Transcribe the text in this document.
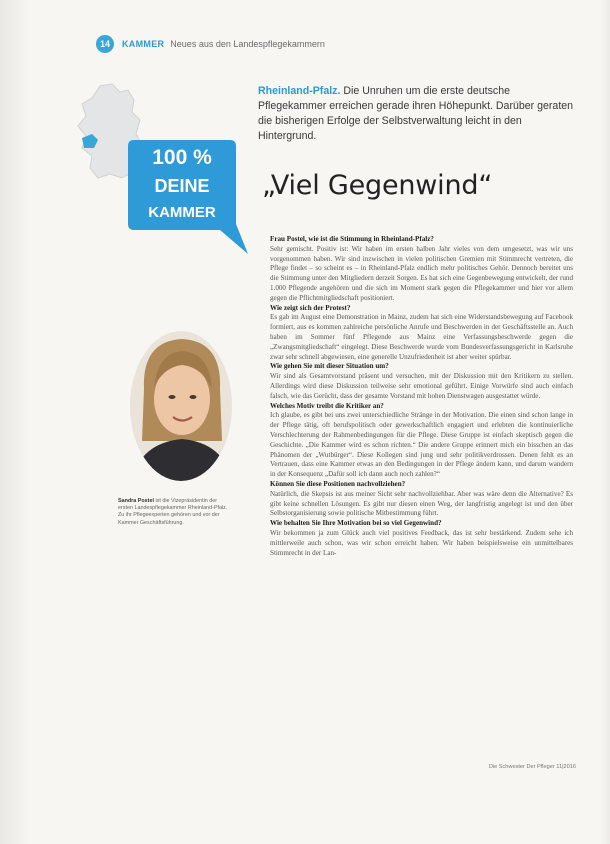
14	KAMMER Neues aus den Landespflegekammern
100 %
DEINE
KAMMER
Rheinland-Pfalz. Die Unruhen um die erste deutsche Pflegekammer erreichen gerade ihren Höhepunkt. Darüber geraten die bisherigen Erfolge der Selbstverwaltung leicht in den Hintergrund.
„Viel Gegenwind“
Sandra Postel ist die Vizepräsidentin der ersten Landespflegekammer Rheinland-Pfalz. Zu ihr Pflegeexperten gehören und vor der Kammer Geschäftsführung.
Frau Postel, wie ist die Stimmung in Rheinland-Pfalz?
Sehr gemischt. Positiv ist: Wir haben im ersten halben Jahr vieles von dem umgesetzt, was wir uns vorgenommen haben. Wir sind inzwischen in vielen politischen Gremien mit Stimmrecht vertreten, die Pflege findet – so scheint es – in Rheinland-Pfalz endlich mehr politisches Gehör. Dennoch bereitet uns die Stimmung unter den Mitgliedern derzeit Sorgen. Es hat sich eine Gegenbewegung entwickelt, der rund 1.000 Pflegende angehören und die sich im Moment stark gegen die Pflegekammer und hier vor allem gegen die Pflichtmitgliedschaft positioniert.
Wie zeigt sich der Protest?
Es gab im August eine Demonstration in Mainz, zudem hat sich eine Widerstandsbewegung auf Facebook formiert, aus es kommen zahlreiche persönliche Anrufe und Beschwerden in der Geschäftsstelle an. Auch haben im Sommer fünf Pflegende aus Mainz eine Verfassungsbeschwerde gegen die „Zwangsmitgliedschaft“ eingelegt. Diese Beschwerde wurde vom Bundesverfassungsgericht in Karlsruhe zwar sehr schnell abgewiesen, eine generelle Unzufriedenheit ist aber weiter spürbar.
Wie gehen Sie mit dieser Situation um?
Wir sind als Gesamtvorstand präsent und versuchen, mit der Diskussion mit den Kritikern zu stellen. Allerdings wird diese Diskussion teilweise sehr emotional geführt. Einige Vorwürfe sind auch einfach falsch, wie das Gerücht, dass der gesamte Vorstand mit hohen Dienstwagen ausgestattet würde.
Welches Motiv treibt die Kritiker an?
Ich glaube, es gibt bei uns zwei unterschiedliche Stränge in der Motivation. Die einen sind schon lange in der Pflege tätig, oft berufspolitisch oder gewerkschaftlich engagiert und erlebten die kontinuierliche Verschlechterung der Rahmenbedingungen für die Pflege. Diese Gruppe ist einfach skeptisch gegen die Geschichte. „Die Kammer wird es schon richten.“ Die andere Gruppe erinnert mich ein bisschen an das Phänomen der „Wutbürger“. Diese Kollegen sind jung und sehr politikverdrossen. Denen fehlt es an Vertrauen, dass eine Kammer etwas an den Bedingungen in der Pflege ändern kann, und darum wandern in der Konsequenz „Dafür soll ich dann auch noch zahlen?“
Können Sie diese Positionen nachvollziehen?
Natürlich, die Skepsis ist aus meiner Sicht sehr nachvollziehbar. Aber was wäre denn die Alternative? Es gibt keine schnellen Lösungen. Es gibt nur diesen einen Weg, der langfristig angelegt ist und den über Selbstorganisierung sowie politische Mitbestimmung führt.
Wie behalten Sie Ihre Motivation bei so viel Gegenwind?
Wir bekommen ja zum Glück auch viel positives Feedback, das ist sehr bestärkend. Zudem sehe ich mittlerweile auch schon, was wir schon erreicht haben. Wir haben beispielsweise ein unmittelbares Stimmrecht in der Lan-
Die Schwester Der Pfleger 11|2016
